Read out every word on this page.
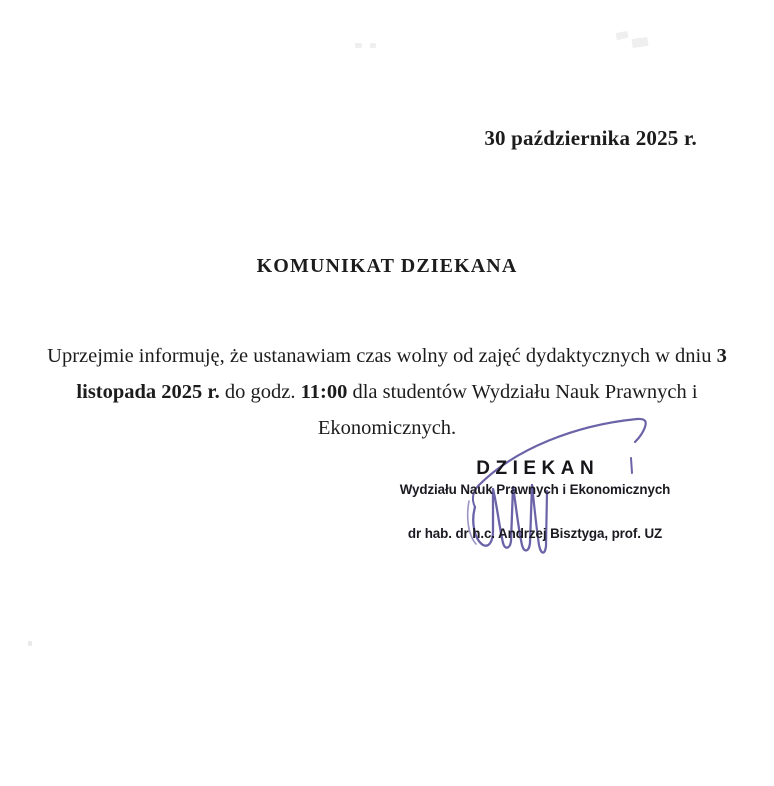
30 października 2025 r.
KOMUNIKAT DZIEKANA
Uprzejmie informuję, że ustanawiam czas wolny od zajęć dydaktycznych w dniu 3 listopada 2025 r. do godz. 11:00 dla studentów Wydziału Nauk Prawnych i Ekonomicznych.
DZIEKAN
Wydziału Nauk Prawnych i Ekonomicznych
dr hab. dr h.c. Andrzej Bisztyga, prof. UZ
